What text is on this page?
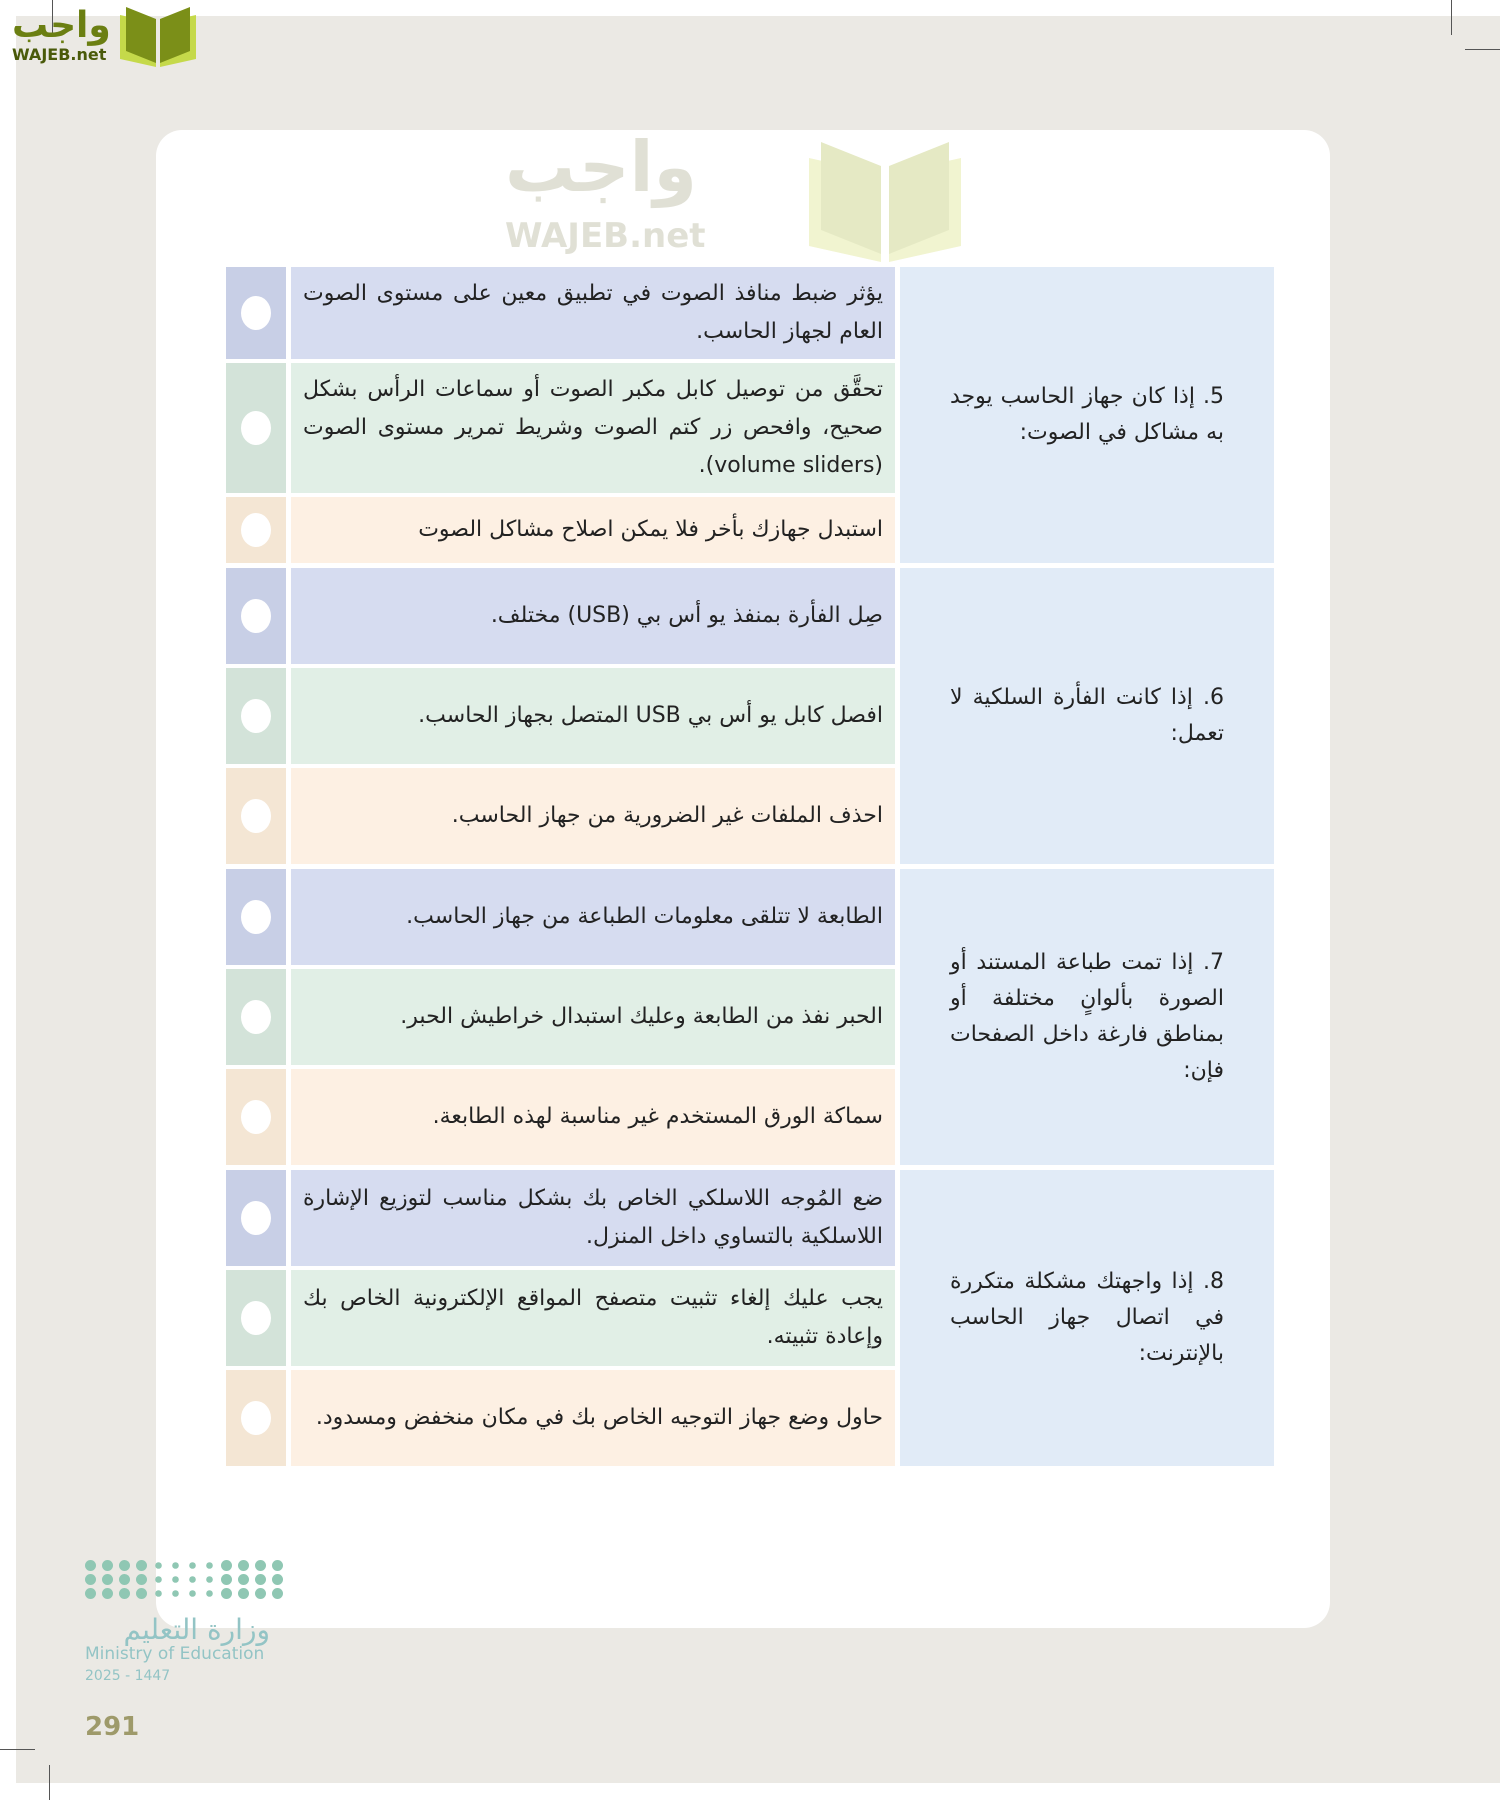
واجب
WAJEB.net
واجب
WAJEB.net
يؤثر ضبط منافذ الصوت في تطبيق معين على مستوى الصوت العام لجهاز الحاسب.
تحقَّق من توصيل كابل مكبر الصوت أو سماعات الرأس بشكل صحيح، وافحص زر كتم الصوت وشريط تمرير مستوى الصوت (volume sliders).
استبدل جهازك بأخر فلا يمكن اصلاح مشاكل الصوت
5. إذا كان جهاز الحاسب يوجد به مشاكل في الصوت:
صِل الفأرة بمنفذ يو أس بي (USB) مختلف.
افصل كابل يو أس بي USB المتصل بجهاز الحاسب.
احذف الملفات غير الضرورية من جهاز الحاسب.
6. إذا كانت الفأرة السلكية لا تعمل:
الطابعة لا تتلقى معلومات الطباعة من جهاز الحاسب.
الحبر نفذ من الطابعة وعليك استبدال خراطيش الحبر.
سماكة الورق المستخدم غير مناسبة لهذه الطابعة.
7. إذا تمت طباعة المستند أو الصورة بألوانٍ مختلفة أو بمناطق فارغة داخل الصفحات فإن:
ضع المُوجه اللاسلكي الخاص بك بشكل مناسب لتوزيع الإشارة اللاسلكية بالتساوي داخل المنزل.
يجب عليك إلغاء تثبيت متصفح المواقع الإلكترونية الخاص بك وإعادة تثبيته.
حاول وضع جهاز التوجيه الخاص بك في مكان منخفض ومسدود.
8. إذا واجهتك مشكلة متكررة في اتصال جهاز الحاسب بالإنترنت:
وزارة التعليم
Ministry of Education
2025 - 1447
291
